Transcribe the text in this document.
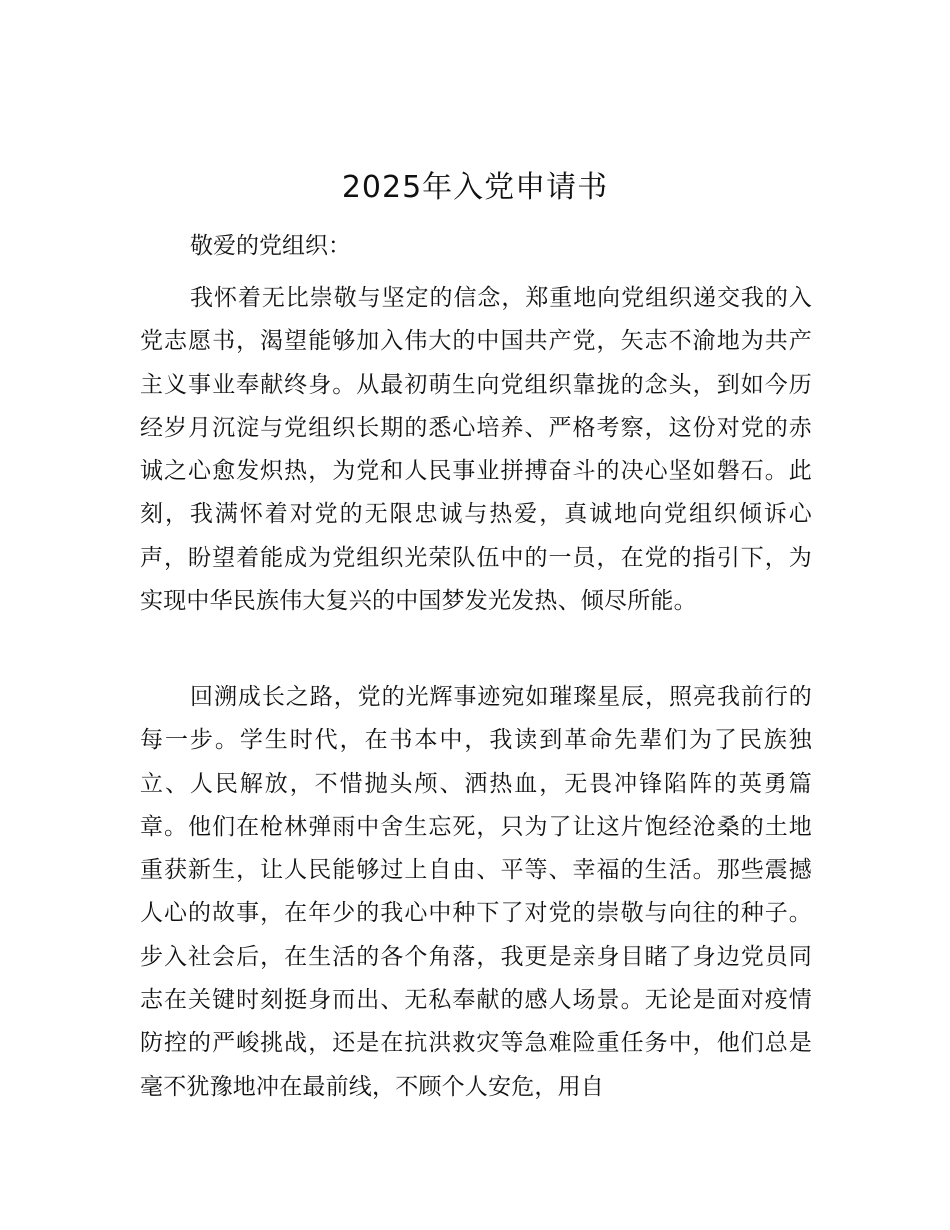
2025年入党申请书

敬爱的党组织：

我怀着无比崇敬与坚定的信念，郑重地向党组织递交我的入党志愿书，渴望能够加入伟大的中国共产党，矢志不渝地为共产主义事业奉献终身。从最初萌生向党组织靠拢的念头，到如今历经岁月沉淀与党组织长期的悉心培养、严格考察，这份对党的赤诚之心愈发炽热，为党和人民事业拼搏奋斗的决心坚如磐石。此刻，我满怀着对党的无限忠诚与热爱，真诚地向党组织倾诉心声，盼望着能成为党组织光荣队伍中的一员，在党的指引下，为实现中华民族伟大复兴的中国梦发光发热、倾尽所能。

回溯成长之路，党的光辉事迹宛如璀璨星辰，照亮我前行的每一步。学生时代，在书本中，我读到革命先辈们为了民族独立、人民解放，不惜抛头颅、洒热血，无畏冲锋陷阵的英勇篇章。他们在枪林弹雨中舍生忘死，只为了让这片饱经沧桑的土地重获新生，让人民能够过上自由、平等、幸福的生活。那些震撼人心的故事，在年少的我心中种下了对党的崇敬与向往的种子。步入社会后，在生活的各个角落，我更是亲身目睹了身边党员同志在关键时刻挺身而出、无私奉献的感人场景。无论是面对疫情防控的严峻挑战，还是在抗洪救灾等急难险重任务中，他们总是毫不犹豫地冲在最前线，不顾个人安危，用自
